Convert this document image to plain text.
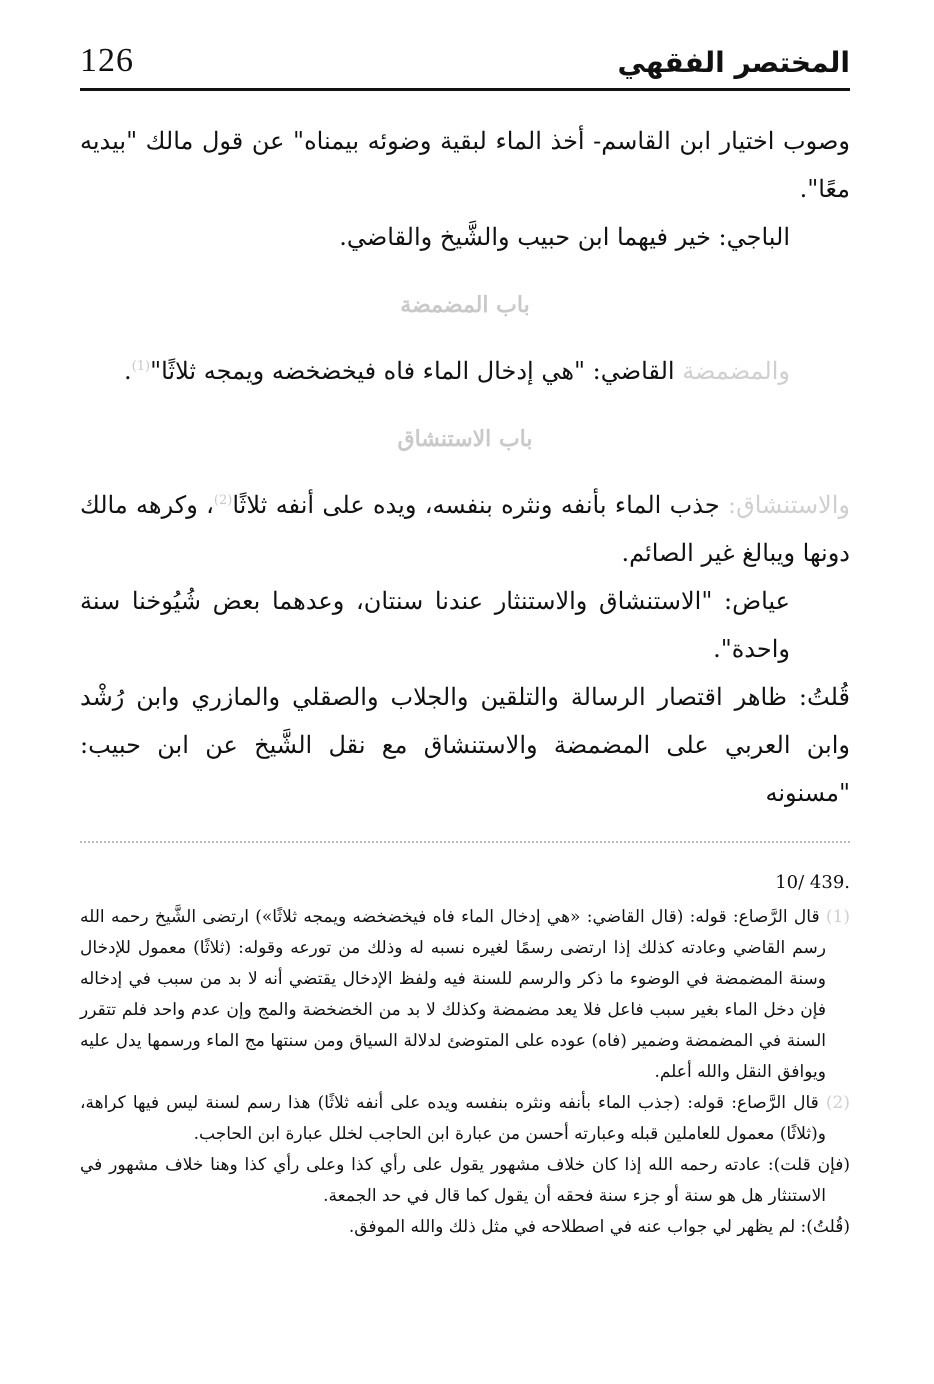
126	المختصر الفقهي

وصوب اختيار ابن القاسم- أخذ الماء لبقية وضوئه بيمناه" عن قول مالك "بيديه معًا".

الباجي: خير فيهما ابن حبيب والشَّيخ والقاضي.

باب المضمضة

والمضمضة القاضي: "هي إدخال الماء فاه فيخضخضه ويمجه ثلاثًا"$^{(1)}$.

باب الاستنشاق

والاستنشاق: جذب الماء بأنفه ونثره بنفسه، ويده على أنفه ثلاثًا$^{(2)}$، وكرهه مالك دونها ويبالغ غير الصائم.

عياض: "الاستنشاق والاستنثار عندنا سنتان، وعدهما بعض شُيُوخنا سنة واحدة".

قُلتُ: ظاهر اقتصار الرسالة والتلقين والجلاب والصقلي والمازري وابن رُشْد وابن العربي على المضمضة والاستنشاق مع نقل الشَّيخ عن ابن حبيب: "مسنونه

10/ 439.

(1) قال الرَّصاع: قوله: (قال القاضي: «هي إدخال الماء فاه فيخضخضه ويمجه ثلاثًا») ارتضى الشَّيخ رحمه الله رسم القاضي وعادته كذلك إذا ارتضى رسمًا لغيره نسبه له وذلك من تورعه وقوله: (ثلاثًا) معمول للإدخال وسنة المضمضة في الوضوء ما ذكر والرسم للسنة فيه ولفظ الإدخال يقتضي أنه لا بد من سبب في إدخاله فإن دخل الماء بغير سبب فاعل فلا يعد مضمضة وكذلك لا بد من الخضخضة والمج وإن عدم واحد فلم تتقرر السنة في المضمضة وضمير (فاه) عوده على المتوضئ لدلالة السياق ومن سنتها مج الماء ورسمها يدل عليه ويوافق النقل والله أعلم.

(2) قال الرَّصاع: قوله: (جذب الماء بأنفه ونثره بنفسه ويده على أنفه ثلاثًا) هذا رسم لسنة ليس فيها كراهة، و(ثلاثًا) معمول للعاملين قبله وعبارته أحسن من عبارة ابن الحاجب لخلل عبارة ابن الحاجب.

(فإن قلت): عادته رحمه الله إذا كان خلاف مشهور يقول على رأي كذا وعلى رأي كذا وهنا خلاف مشهور في الاستنثار هل هو سنة أو جزء سنة فحقه أن يقول كما قال في حد الجمعة.

(قُلتُ): لم يظهر لي جواب عنه في اصطلاحه في مثل ذلك والله الموفق.
